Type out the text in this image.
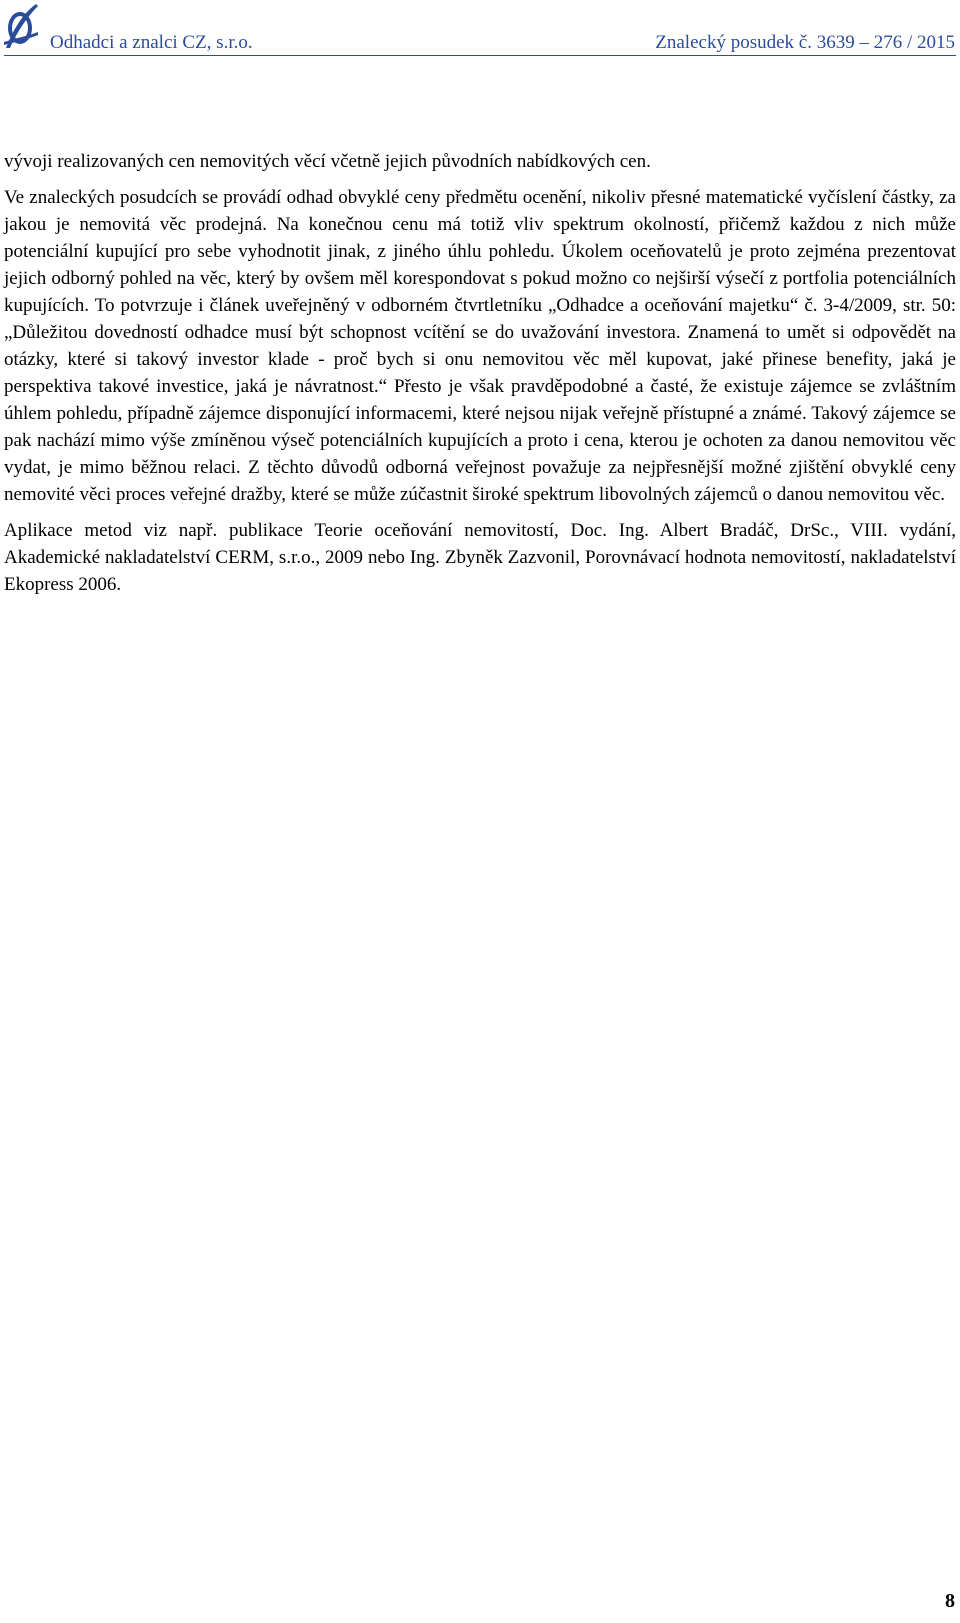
Odhadci a znalci CZ, s.r.o.	Znalecký posudek č. 3639 – 276 / 2015

vývoji realizovaných cen nemovitých věcí včetně jejich původních nabídkových cen.

Ve znaleckých posudcích se provádí odhad obvyklé ceny předmětu ocenění, nikoliv přesné matematické vyčíslení částky, za jakou je nemovitá věc prodejná. Na konečnou cenu má totiž vliv spektrum okolností, přičemž každou z nich může potenciální kupující pro sebe vyhodnotit jinak, z jiného úhlu pohledu. Úkolem oceňovatelů je proto zejména prezentovat jejich odborný pohled na věc, který by ovšem měl korespondovat s pokud možno co nejširší výsečí z portfolia potenciálních kupujících. To potvrzuje i článek uveřejněný v odborném čtvrtletníku „Odhadce a oceňování majetku“ č. 3-4/2009, str. 50: „Důležitou dovedností odhadce musí být schopnost vcítění se do uvažování investora. Znamená to umět si odpovědět na otázky, které si takový investor klade - proč bych si onu nemovitou věc měl kupovat, jaké přinese benefity, jaká je perspektiva takové investice, jaká je návratnost.“ Přesto je však pravděpodobné a časté, že existuje zájemce se zvláštním úhlem pohledu, případně zájemce disponující informacemi, které nejsou nijak veřejně přístupné a známé. Takový zájemce se pak nachází mimo výše zmíněnou výseč potenciálních kupujících a proto i cena, kterou je ochoten za danou nemovitou věc vydat, je mimo běžnou relaci. Z těchto důvodů odborná veřejnost považuje za nejpřesnější možné zjištění obvyklé ceny nemovité věci proces veřejné dražby, které se může zúčastnit široké spektrum libovolných zájemců o danou nemovitou věc.

Aplikace metod viz např. publikace Teorie oceňování nemovitostí, Doc. Ing. Albert Bradáč, DrSc., VIII. vydání, Akademické nakladatelství CERM, s.r.o., 2009 nebo Ing. Zbyněk Zazvonil, Porovnávací hodnota nemovitostí, nakladatelství Ekopress 2006.

8
